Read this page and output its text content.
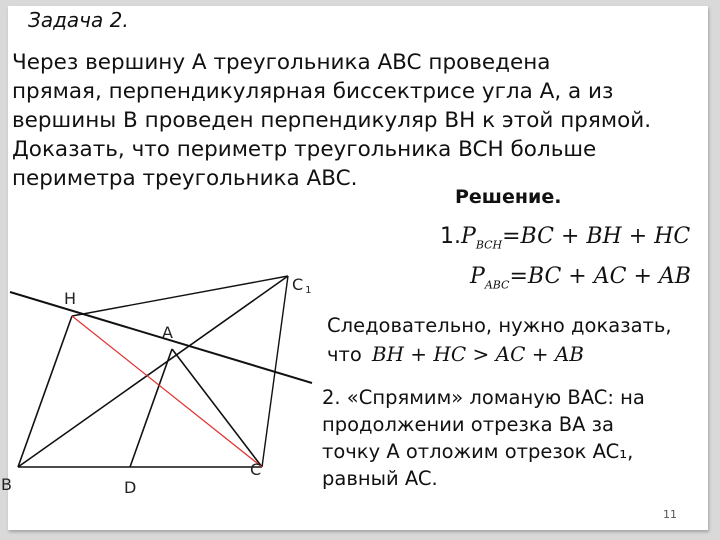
Задача 2.
Через вершину A треугольника ABC проведена
прямая, перпендикулярная биссектрисе угла A, а из
вершины B проведен перпендикуляр BH к этой прямой.
Доказать, что периметр треугольника BCH больше
периметра треугольника ABC.
Решение.
$1.P_{BCH}=BC$ + BH + HC
$P_{ABC}=BC$ + AC + AB
Следовательно, нужно доказать,
что BH + HC > AC + AB
2. «Спрямим» ломаную BAC: на
продолжении отрезка BA за
точку A отложим отрезок AC₁,
равный AC.
H
A
C 1
B	D
C
11
